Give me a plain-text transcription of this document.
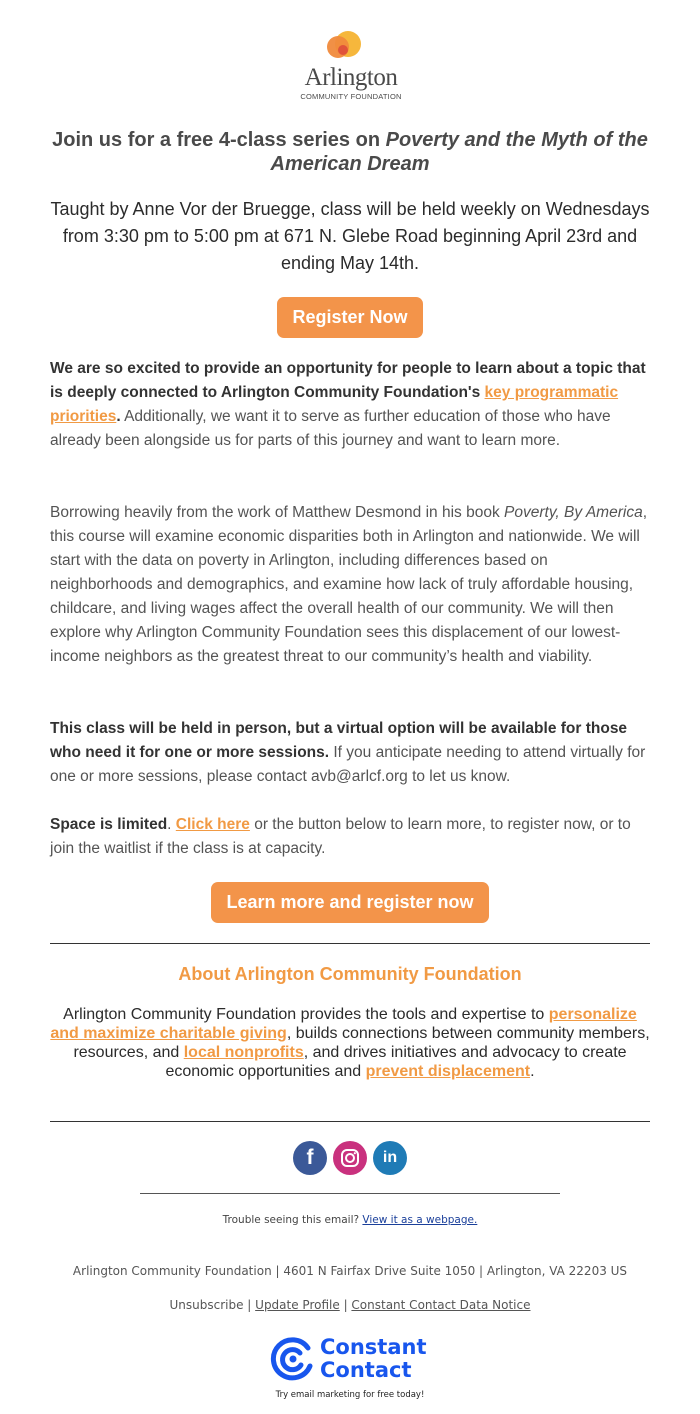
Arlington
COMMUNITY FOUNDATION
Join us for a free 4-class series on Poverty and the Myth of the American Dream
Taught by Anne Vor der Bruegge, class will be held weekly on Wednesdays from 3:30 pm to 5:00 pm at 671 N. Glebe Road beginning April 23rd and ending May 14th.
Register Now
We are so excited to provide an opportunity for people to learn about a topic that is deeply connected to Arlington Community Foundation's key programmatic priorities. Additionally, we want it to serve as further education of those who have already been alongside us for parts of this journey and want to learn more.
Borrowing heavily from the work of Matthew Desmond in his book Poverty, By America, this course will examine economic disparities both in Arlington and nationwide. We will start with the data on poverty in Arlington, including differences based on neighborhoods and demographics, and examine how lack of truly affordable housing, childcare, and living wages affect the overall health of our community. We will then explore why Arlington Community Foundation sees this displacement of our lowest-income neighbors as the greatest threat to our community’s health and viability.
This class will be held in person, but a virtual option will be available for those who need it for one or more sessions. If you anticipate needing to attend virtually for one or more sessions, please contact avb@arlcf.org to let us know.
Space is limited. Click here or the button below to learn more, to register now, or to join the waitlist if the class is at capacity.
Learn more and register now
About Arlington Community Foundation
Arlington Community Foundation provides the tools and expertise to personalize and maximize charitable giving, builds connections between community members, resources, and local nonprofits, and drives initiatives and advocacy to create economic opportunities and prevent displacement.
f	in
Trouble seeing this email? View it as a webpage.
Arlington Community Foundation | 4601 N Fairfax Drive Suite 1050 | Arlington, VA 22203 US
Unsubscribe | Update Profile | Constant Contact Data Notice
Constant
Contact
Try email marketing for free today!
